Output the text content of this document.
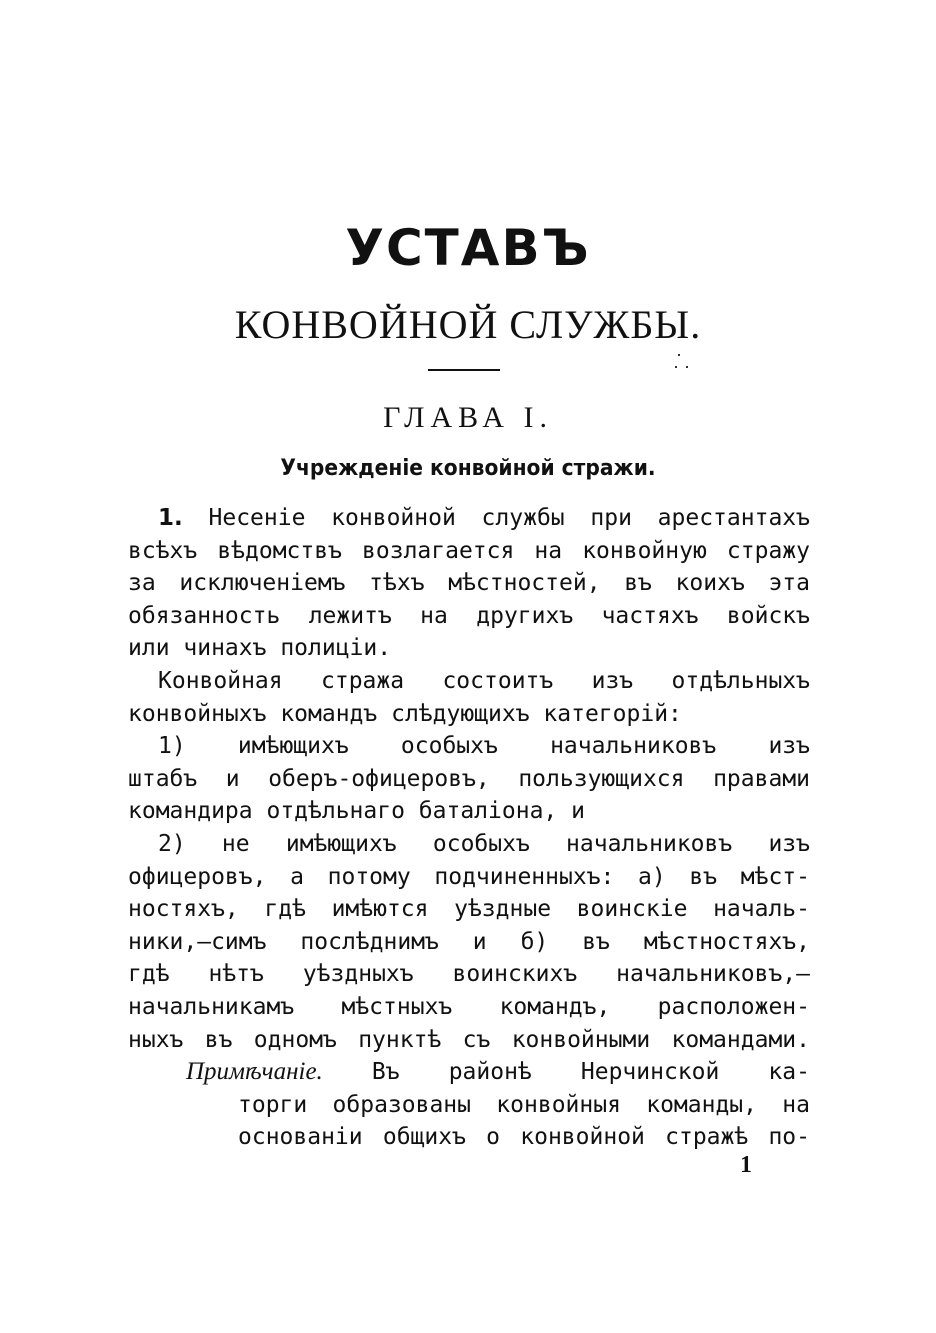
УСТАВЪ
КОНВОЙНОЙ СЛУЖБЫ.
ГЛАВА I.
Учрежденіе конвойной стражи.
1. Несеніе конвойной службы при арестантахъ
всѣхъ вѣдомствъ возлагается на конвойную стражу
за исключеніемъ тѣхъ мѣстностей, въ коихъ эта
обязанность лежитъ на другихъ частяхъ войскъ
или чинахъ полиціи.
Конвойная стража состоитъ изъ отдѣльныхъ
конвойныхъ командъ слѣдующихъ категорій:
1) имѣющихъ особыхъ начальниковъ изъ
штабъ и оберъ-офицеровъ, пользующихся правами
командира отдѣльнаго баталіона, и
2) не имѣющихъ особыхъ начальниковъ изъ
офицеровъ, а потому подчиненныхъ: а) въ мѣст-
ностяхъ, гдѣ имѣются уѣздные воинскіе началь-
ники,—симъ послѣднимъ и б) въ мѣстностяхъ,
гдѣ нѣтъ уѣздныхъ воинскихъ начальниковъ,—
начальникамъ мѣстныхъ командъ, расположен-
ныхъ въ одномъ пунктѣ съ конвойными командами.
Примѣчаніе. Въ районѣ Нерчинской ка-
торги образованы конвойныя команды, на
основаніи общихъ о конвойной стражѣ по-
1
